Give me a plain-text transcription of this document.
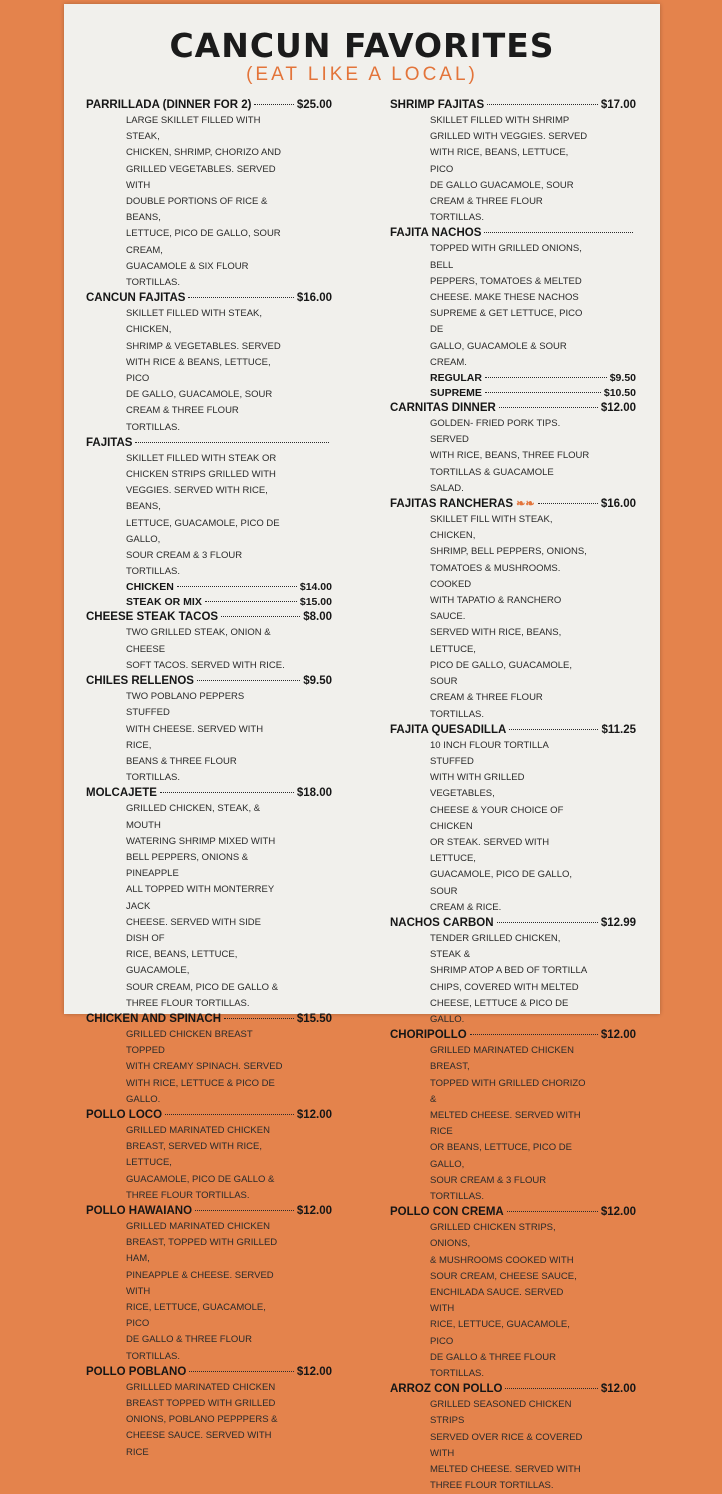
CANCUN FAVORITES
(EAT LIKE A LOCAL)
PARRILLADA (DINNER FOR 2)	$25.00
LARGE SKILLET FILLED WITH STEAK,
CHICKEN, SHRIMP, CHORIZO AND
GRILLED VEGETABLES. SERVED WITH
DOUBLE PORTIONS OF RICE & BEANS,
LETTUCE, PICO DE GALLO, SOUR CREAM,
GUACAMOLE & SIX FLOUR TORTILLAS.
CANCUN FAJITAS	$16.00
SKILLET FILLED WITH STEAK, CHICKEN,
SHRIMP & VEGETABLES. SERVED
WITH RICE & BEANS, LETTUCE, PICO
DE GALLO, GUACAMOLE, SOUR
CREAM & THREE FLOUR TORTILLAS.
FAJITAS
SKILLET FILLED WITH STEAK OR
CHICKEN STRIPS GRILLED WITH
VEGGIES. SERVED WITH RICE, BEANS,
LETTUCE, GUACAMOLE, PICO DE GALLO,
SOUR CREAM & 3 FLOUR TORTILLAS.
CHICKEN	$14.00
STEAK OR MIX	$15.00
CHEESE STEAK TACOS	$8.00
TWO GRILLED STEAK, ONION & CHEESE
SOFT TACOS. SERVED WITH RICE.
CHILES RELLENOS	$9.50
TWO POBLANO PEPPERS STUFFED
WITH CHEESE. SERVED WITH RICE,
BEANS & THREE FLOUR TORTILLAS.
MOLCAJETE	$18.00
GRILLED CHICKEN, STEAK, & MOUTH
WATERING SHRIMP MIXED WITH
BELL PEPPERS, ONIONS & PINEAPPLE
ALL TOPPED WITH MONTERREY JACK
CHEESE. SERVED WITH SIDE DISH OF
RICE, BEANS, LETTUCE, GUACAMOLE,
SOUR CREAM, PICO DE GALLO &
THREE FLOUR TORTILLAS.
CHICKEN AND SPINACH	$15.50
GRILLED CHICKEN BREAST TOPPED
WITH CREAMY SPINACH. SERVED
WITH RICE, LETTUCE & PICO DE GALLO.
POLLO LOCO	$12.00
GRILLED MARINATED CHICKEN
BREAST, SERVED WITH RICE, LETTUCE,
GUACAMOLE, PICO DE GALLO &
THREE FLOUR TORTILLAS.
POLLO HAWAIANO	$12.00
GRILLED MARINATED CHICKEN
BREAST, TOPPED WITH GRILLED HAM,
PINEAPPLE & CHEESE. SERVED WITH
RICE, LETTUCE, GUACAMOLE, PICO
DE GALLO & THREE FLOUR TORTILLAS.
POLLO POBLANO	$12.00
GRILLLED MARINATED CHICKEN
BREAST TOPPED WITH GRILLED
ONIONS, POBLANO PEPPPERS &
CHEESE SAUCE. SERVED WITH RICE
SHRIMP FAJITAS	$17.00
SKILLET FILLED WITH SHRIMP
GRILLED WITH VEGGIES. SERVED
WITH RICE, BEANS, LETTUCE, PICO
DE GALLO GUACAMOLE, SOUR
CREAM & THREE FLOUR TORTILLAS.
FAJITA NACHOS
TOPPED WITH GRILLED ONIONS, BELL
PEPPERS, TOMATOES & MELTED
CHEESE. MAKE THESE NACHOS
SUPREME & GET LETTUCE, PICO DE
GALLO, GUACAMOLE & SOUR CREAM.
REGULAR	$9.50
SUPREME	$10.50
CARNITAS DINNER	$12.00
GOLDEN- FRIED PORK TIPS. SERVED
WITH RICE, BEANS, THREE FLOUR
TORTILLAS & GUACAMOLE SALAD.
FAJITAS RANCHERAS ❧❧	$16.00
SKILLET FILL WITH STEAK, CHICKEN,
SHRIMP, BELL PEPPERS, ONIONS,
TOMATOES & MUSHROOMS. COOKED
WITH TAPATIO & RANCHERO SAUCE.
SERVED WITH RICE, BEANS, LETTUCE,
PICO DE GALLO, GUACAMOLE, SOUR
CREAM & THREE FLOUR TORTILLAS.
FAJITA QUESADILLA	$11.25
10 INCH FLOUR TORTILLA STUFFED
WITH WITH GRILLED VEGETABLES,
CHEESE & YOUR CHOICE OF CHICKEN
OR STEAK. SERVED WITH LETTUCE,
GUACAMOLE, PICO DE GALLO, SOUR
CREAM & RICE.
NACHOS CARBON	$12.99
TENDER GRILLED CHICKEN, STEAK &
SHRIMP ATOP A BED OF TORTILLA
CHIPS, COVERED WITH MELTED
CHEESE, LETTUCE & PICO DE GALLO.
CHORIPOLLO	$12.00
GRILLED MARINATED CHICKEN BREAST,
TOPPED WITH GRILLED CHORIZO &
MELTED CHEESE. SERVED WITH RICE
OR BEANS, LETTUCE, PICO DE GALLO,
SOUR CREAM & 3 FLOUR TORTILLAS.
POLLO CON CREMA	$12.00
GRILLED CHICKEN STRIPS, ONIONS,
& MUSHROOMS COOKED WITH
SOUR CREAM, CHEESE SAUCE,
ENCHILADA SAUCE. SERVED WITH
RICE, LETTUCE, GUACAMOLE, PICO
DE GALLO & THREE FLOUR TORTILLAS.
ARROZ CON POLLO	$12.00
GRILLED SEASONED CHICKEN STRIPS
SERVED OVER RICE & COVERED WITH
MELTED CHEESE. SERVED WITH
THREE FLOUR TORTILLAS.
